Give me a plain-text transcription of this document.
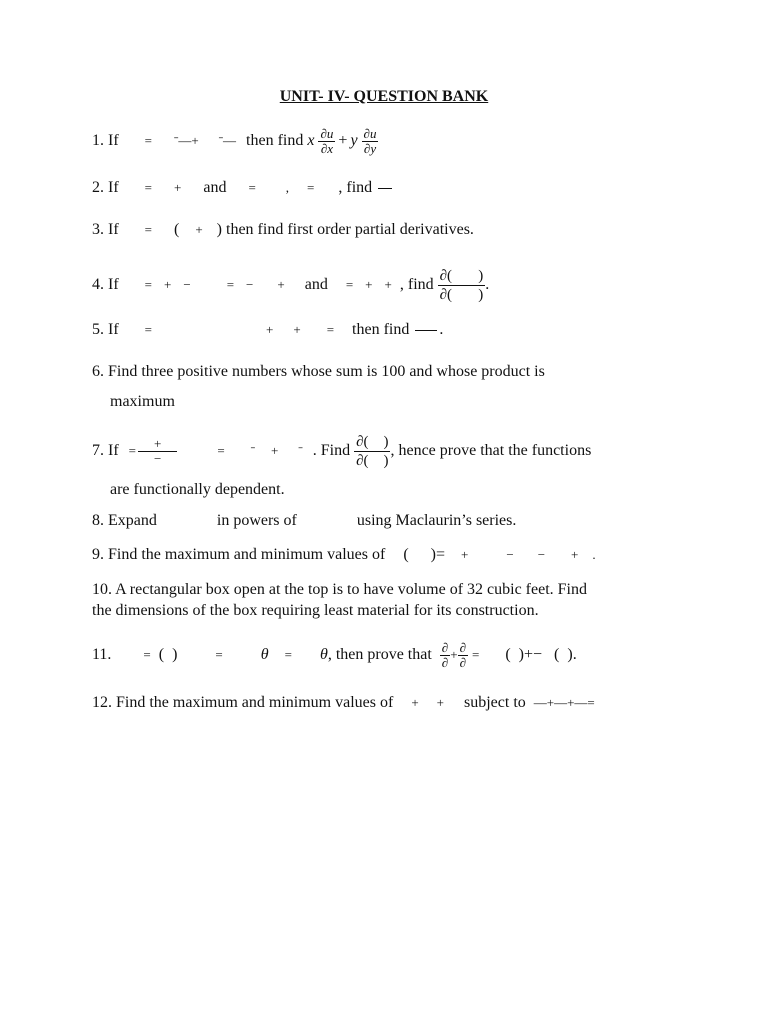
UNIT- IV- QUESTION BANK
1. If = ˉ—+ ˉ— then find x $\frac{\partial u}{\partial x} + y \frac{\partial u}{\partial y}$
2. If = + and = , = , find
3. If = ( + ) then find first order partial derivatives.
4. If = + −	= − + and = + + , find $\frac{\partial( )}{\partial( )}$ .
5. If =	+ + = then find .
6. Find three positive numbers whose sum is 100 and whose product is
maximum
7. $If = \frac{+}{-}$	= ˉ + ˉ . Find $\frac{\partial( )}{\partial( )}$ , hence prove that the functions
are functionally dependent.
8. Expand	in powers of	using Maclaurin’s series.
9. Find the maximum and minimum values of ( )= +	− − + .
10. A rectangular box open at the top is to have volume of 32 cubic feet. Find
the dimensions of the box requiring least material for its construction.
11. = (  )	= θ = θ, then prove that $\frac{\partial}{\partial} + \frac{\partial}{\partial}$ = (  )+− (  ).
12. Find the maximum and minimum values of + + subject to —+—+—=
